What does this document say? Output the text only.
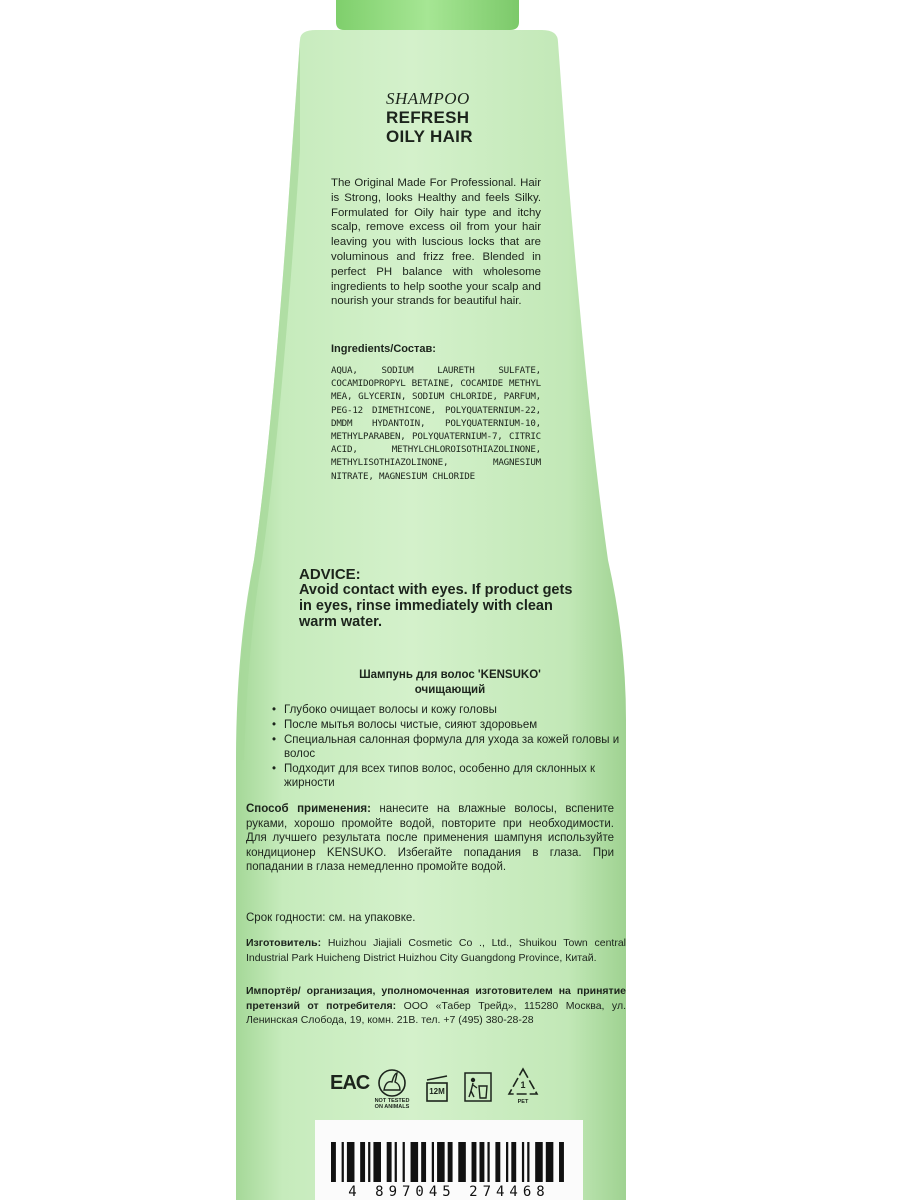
SHAMPOO

REFRESH

OILY HAIR

The Original Made For Professional. Hair is Strong, looks Healthy and feels Silky. Formulated for Oily hair type and itchy scalp, remove excess oil from your hair leaving you with luscious locks that are voluminous and frizz free. Blended in perfect PH balance with wholesome ingredients to help soothe your scalp and nourish your strands for beautiful hair.

Ingredients/Состав:

AQUA, SODIUM LAURETH SULFATE, COCAMIDOPROPYL BETAINE, COCAMIDE METHYL MEA, GLYCERIN, SODIUM CHLORIDE, PARFUM, PEG-12 DIMETHICONE, POLYQUATERNIUM-22, DMDM HYDANTOIN, POLYQUATERNIUM-10, METHYLPARABEN, POLYQUATERNIUM-7, CITRIC ACID, METHYLCHLOROISOTHIAZOLINONE, METHYLISOTHIAZOLINONE, MAGNESIUM NITRATE, MAGNESIUM CHLORIDE

ADVICE:

Avoid contact with eyes. If product gets in eyes, rinse immediately with clean warm water.

Шампунь для волос 'KENSUKO'
очищающий
• Глубоко очищает волосы и кожу головы
• После мытья волосы чистые, сияют здоровьем
• Специальная салонная формула для ухода за кожей головы и волос
• Подходит для всех типов волос, особенно для склонных к жирности

Способ применения: нанесите на влажные волосы, вспените руками, хорошо промойте водой, повторите при необходимости. Для лучшего результата после применения шампуня используйте кондиционер KENSUKO. Избегайте попадания в глаза. При попадании в глаза немедленно промойте водой.

Срок годности: см. на упаковке.

Изготовитель: Huizhou Jiajiali Cosmetic Co ., Ltd., Shuikou Town central Industrial Park Huicheng District Huizhou City Guangdong Province, Китай.

Импортёр/ организация, уполномоченная изготовителем на принятие претензий от потребителя: ООО «Табер Трейд», 115280 Москва, ул. Ленинская Слобода, 19, комн. 21В. тел. +7 (495) 380-28-28

EAC
NOT TESTED ON ANIMALS
12M
1
PET
4 897045 274468
